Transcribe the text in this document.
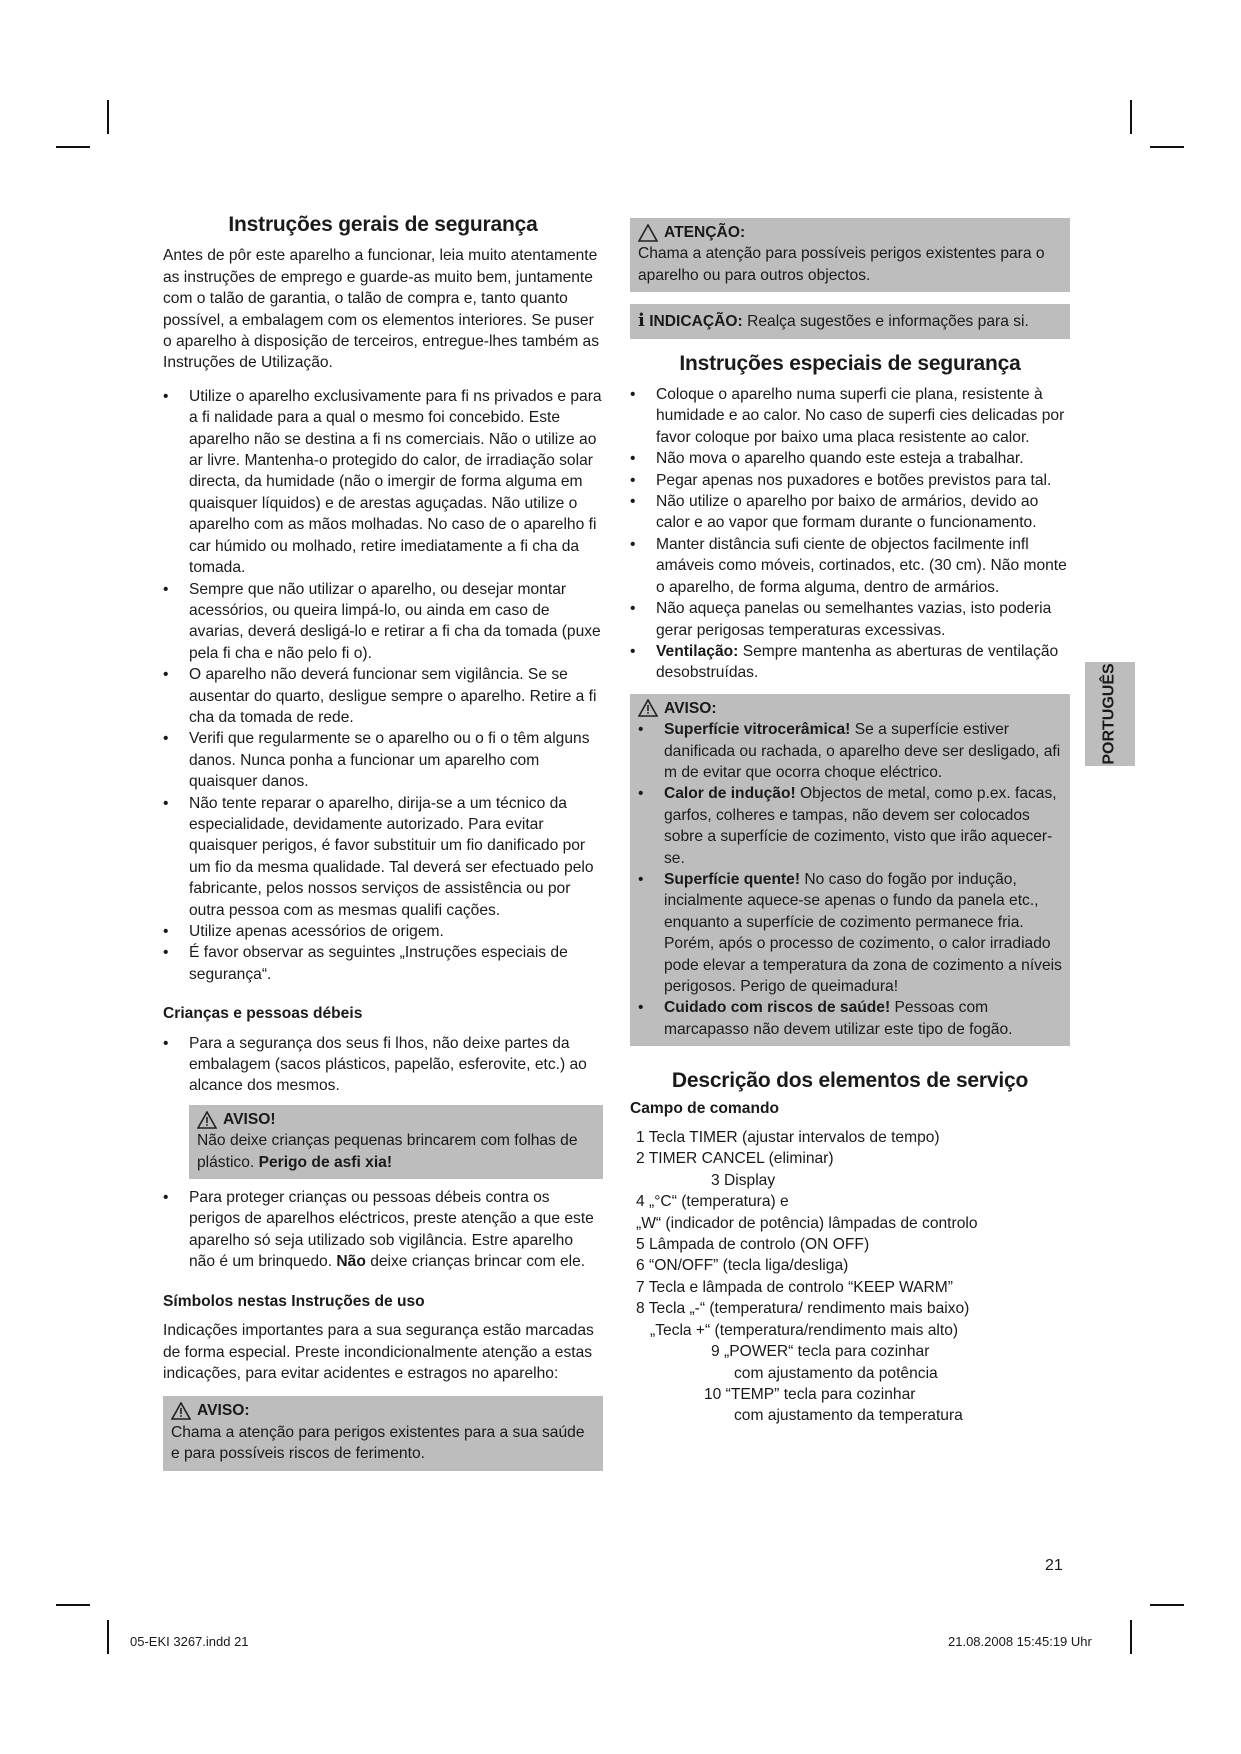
Instruções gerais de segurança

Antes de pôr este aparelho a funcionar, leia muito atentamente as instruções de emprego e guarde-as muito bem, juntamente com o talão de garantia, o talão de compra e, tanto quanto possível, a embalagem com os elementos interiores. Se puser o aparelho à disposição de terceiros, entregue-lhes também as Instruções de Utilização.

• Utilize o aparelho exclusivamente para fi ns privados e para a fi nalidade para a qual o mesmo foi concebido. Este aparelho não se destina a fi ns comerciais. Não o utilize ao ar livre. Mantenha-o protegido do calor, de irradiação solar directa, da humidade (não o imergir de forma alguma em quaisquer líquidos) e de arestas aguçadas. Não utilize o aparelho com as mãos molhadas. No caso de o aparelho fi car húmido ou molhado, retire imediatamente a fi cha da tomada.
• Sempre que não utilizar o aparelho, ou desejar montar acessórios, ou queira limpá-lo, ou ainda em caso de avarias, deverá desligá-lo e retirar a fi cha da tomada (puxe pela fi cha e não pelo fi o).
• O aparelho não deverá funcionar sem vigilância. Se se ausentar do quarto, desligue sempre o aparelho. Retire a fi cha da tomada de rede.
• Verifi que regularmente se o aparelho ou o fi o têm alguns danos. Nunca ponha a funcionar um aparelho com quaisquer danos.
• Não tente reparar o aparelho, dirija-se a um técnico da especialidade, devidamente autorizado. Para evitar quaisquer perigos, é favor substituir um fio danificado por um fio da mesma qualidade. Tal deverá ser efectuado pelo fabricante, pelos nossos serviços de assistência ou por outra pessoa com as mesmas qualifi cações.
• Utilize apenas acessórios de origem.
• É favor observar as seguintes „Instruções especiais de segurança“.
Crianças e pessoas débeis
• Para a segurança dos seus fi lhos, não deixe partes da embalagem (sacos plásticos, papelão, esferovite, etc.) ao alcance dos mesmos.
AVISO!
Não deixe crianças pequenas brincarem com folhas de plástico. Perigo de asfi xia!
• Para proteger crianças ou pessoas débeis contra os perigos de aparelhos eléctricos, preste atenção a que este aparelho só seja utilizado sob vigilância. Estre aparelho não é um brinquedo. Não deixe crianças brincar com ele.
Símbolos nestas Instruções de uso

Indicações importantes para a sua segurança estão marcadas de forma especial. Preste incondicionalmente atenção a estas indicações, para evitar acidentes e estragos no aparelho:

AVISO:
Chama a atenção para perigos existentes para a sua saúde e para possíveis riscos de ferimento.
ATENÇÃO:
Chama a atenção para possíveis perigos existentes para o aparelho ou para outros objectos.
i INDICAÇÃO: Realça sugestões e informações para si.
Instruções especiais de segurança
• Coloque o aparelho numa superfi cie plana, resistente à humidade e ao calor. No caso de superfi cies delicadas por favor coloque por baixo uma placa resistente ao calor.
• Não mova o aparelho quando este esteja a trabalhar.
• Pegar apenas nos puxadores e botões previstos para tal.
• Não utilize o aparelho por baixo de armários, devido ao calor e ao vapor que formam durante o funcionamento.
• Manter distância sufi ciente de objectos facilmente infl amáveis como móveis, cortinados, etc. (30 cm). Não monte o aparelho, de forma alguma, dentro de armários.
• Não aqueça panelas ou semelhantes vazias, isto poderia gerar perigosas temperaturas excessivas.
• Ventilação: Sempre mantenha as aberturas de ventilação desobstruídas.
AVISO:
• Superfície vitrocerâmica! Se a superfície estiver danificada ou rachada, o aparelho deve ser desligado, afi m de evitar que ocorra choque eléctrico.
• Calor de indução! Objectos de metal, como p.ex. facas, garfos, colheres e tampas, não devem ser colocados sobre a superfície de cozimento, visto que irão aquecer-se.
• Superfície quente! No caso do fogão por indução, incialmente aquece-se apenas o fundo da panela etc., enquanto a superfície de cozimento permanece fria. Porém, após o processo de cozimento, o calor irradiado pode elevar a temperatura da zona de cozimento a níveis perigosos. Perigo de queimadura!
• Cuidado com riscos de saúde! Pessoas com marcapasso não devem utilizar este tipo de fogão.
Descrição dos elementos de serviço
Campo de comando
1 Tecla TIMER (ajustar intervalos de tempo)
2 TIMER CANCEL (eliminar)
3 Display
4 „°C“ (temperatura) e
„W“ (indicador de potência) lâmpadas de controlo
5 Lâmpada de controlo (ON OFF)
6 “ON/OFF” (tecla liga/desliga)
7 Tecla e lâmpada de controlo “KEEP WARM”
8 Tecla „-“ (temperatura/ rendimento mais baixo)
„Tecla +“ (temperatura/rendimento mais alto)
9 „POWER“ tecla para cozinhar
com ajustamento da potência
10 “TEMP” tecla para cozinhar
com ajustamento da temperatura
PORTUGUÊS
21
05-EKI 3267.indd 21	21.08.2008 15:45:19 Uhr
